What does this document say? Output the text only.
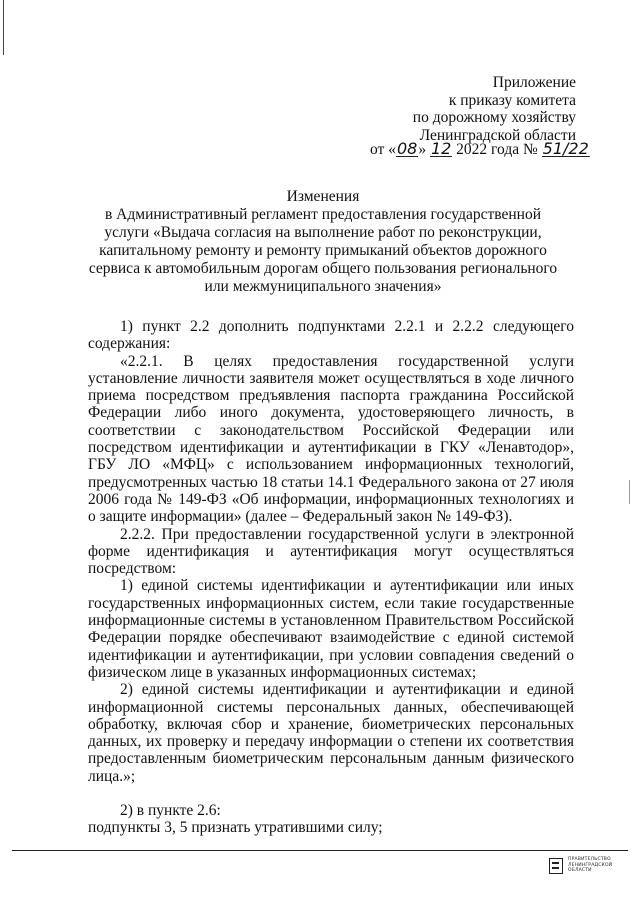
Приложение
к приказу комитета
по дорожному хозяйству
Ленинградской области
от «08» 12 2022 года № 51/22
Изменения
в Административный регламент предоставления государственной услуги «Выдача согласия на выполнение работ по реконструкции, капитальному ремонту и ремонту примыканий объектов дорожного сервиса к автомобильным дорогам общего пользования регионального или межмуниципального значения»

1) пункт 2.2 дополнить подпунктами 2.2.1 и 2.2.2 следующего содержания:

«2.2.1. В целях предоставления государственной услуги установление личности заявителя может осуществляться в ходе личного приема посредством предъявления паспорта гражданина Российской Федерации либо иного документа, удостоверяющего личность, в соответствии с законодательством Российской Федерации или посредством идентификации и аутентификации в ГКУ «Ленавтодор», ГБУ ЛО «МФЦ» с использованием информационных технологий, предусмотренных частью 18 статьи 14.1 Федерального закона от 27 июля 2006 года № 149-ФЗ «Об информации, информационных технологиях и о защите информации» (далее – Федеральный закон № 149-ФЗ).

2.2.2. При предоставлении государственной услуги в электронной форме идентификация и аутентификация могут осуществляться посредством:

1) единой системы идентификации и аутентификации или иных государственных информационных систем, если такие государственные информационные системы в установленном Правительством Российской Федерации порядке обеспечивают взаимодействие с единой системой идентификации и аутентификации, при условии совпадения сведений о физическом лице в указанных информационных системах;

2) единой системы идентификации и аутентификации и единой информационной системы персональных данных, обеспечивающей обработку, включая сбор и хранение, биометрических персональных данных, их проверку и передачу информации о степени их соответствия предоставленным биометрическим персональным данным физического лица.»;

2) в пункте 2.6:

подпункты 3, 5 признать утратившими силу;

ПРАВИТЕЛЬСТВО ЛЕНИНГРАДСКОЙ ОБЛАСТИ
